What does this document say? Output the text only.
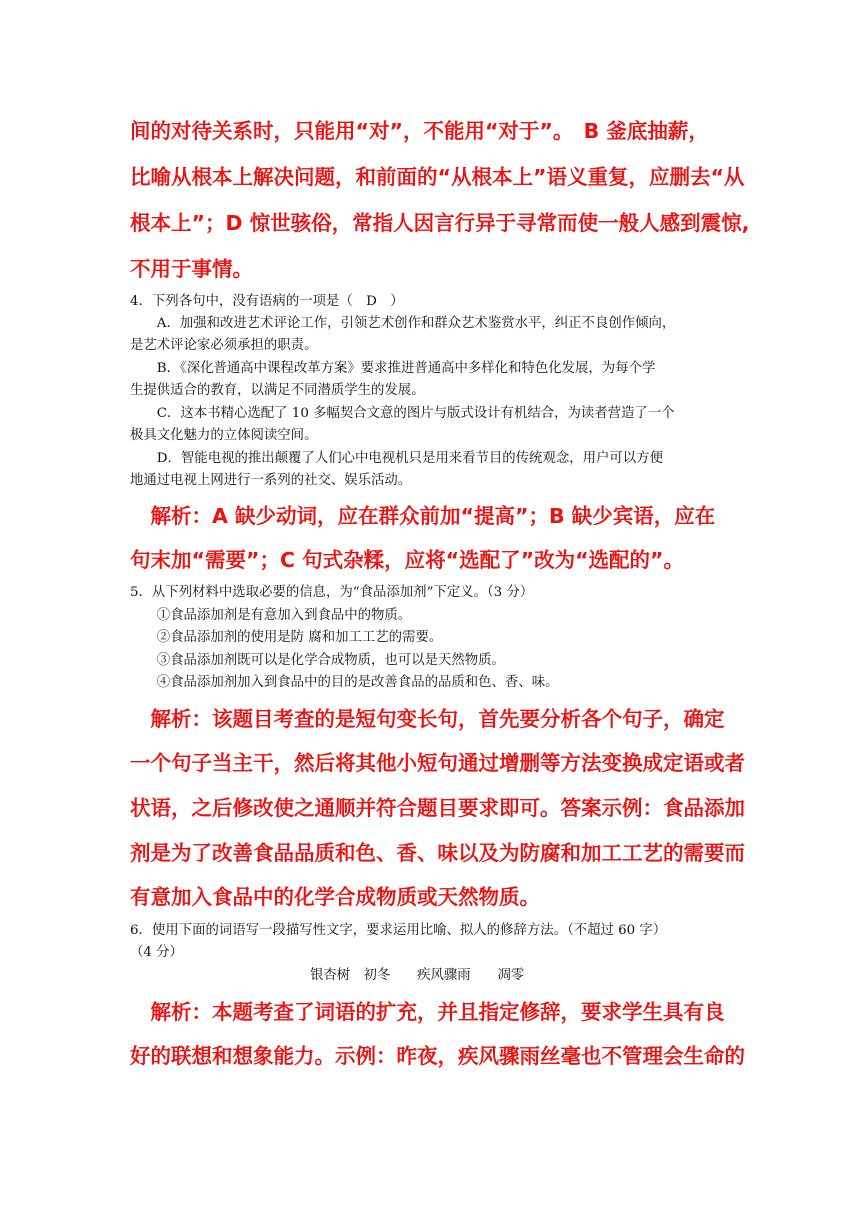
间的对待关系时，只能用“对”，不能用“对于”。　B 釜底抽薪，
比喻从根本上解决问题，和前面的“从根本上”语义重复，应删去“从
根本上”；D 惊世骇俗，常指人因言行异于寻常而使一般人感到震惊,
不用于事情。
4．下列各句中，没有语病的一项是（　D　）
　　A．加强和改进艺术评论工作，引领艺术创作和群众艺术鉴赏水平，纠正不良创作倾向，
是艺术评论家必须承担的职责。
　　B．《深化普通高中课程改革方案》要求推进普通高中多样化和特色化发展，为每个学
生提供适合的教育，以满足不同潜质学生的发展。
　　C．这本书精心选配了 10 多幅契合文意的图片与版式设计有机结合，为读者营造了一个
极具文化魅力的立体阅读空间。
　　D．智能电视的推出颠覆了人们心中电视机只是用来看节目的传统观念，用户可以方便
地通过电视上网进行一系列的社交、娱乐活动。
　解析：A 缺少动词，应在群众前加“提高”；B 缺少宾语，应在
句末加“需要”；C 句式杂糅，应将“选配了”改为“选配的”。
5．从下列材料中选取必要的信息，为“食品添加剂”下定义。（3 分）
　　①食品添加剂是有意加入到食品中的物质。
　　②食品添加剂的使用是防 腐和加工工艺的需要。
　　③食品添加剂既可以是化学合成物质，也可以是天然物质。
　　④食品添加剂加入到食品中的目的是改善食品的品质和色、香、味。
　解析：该题目考查的是短句变长句，首先要分析各个句子，确定
一个句子当主干，然后将其他小短句通过增删等方法变换成定语或者
状语，之后修改使之通顺并符合题目要求即可。答案示例：食品添加
剂是为了改善食品品质和色、香、味以及为防腐和加工工艺的需要而
有意加入食品中的化学合成物质或天然物质。
6．使用下面的词语写一段描写性文字，要求运用比喻、拟人的修辞方法。（不超过 60 字）
（4 分）
银杏树　初冬　　疾风骤雨　　凋零
　解析：本题考查了词语的扩充，并且指定修辞，要求学生具有良
好的联想和想象能力。示例：昨夜，疾风骤雨丝毫也不管理会生命的
